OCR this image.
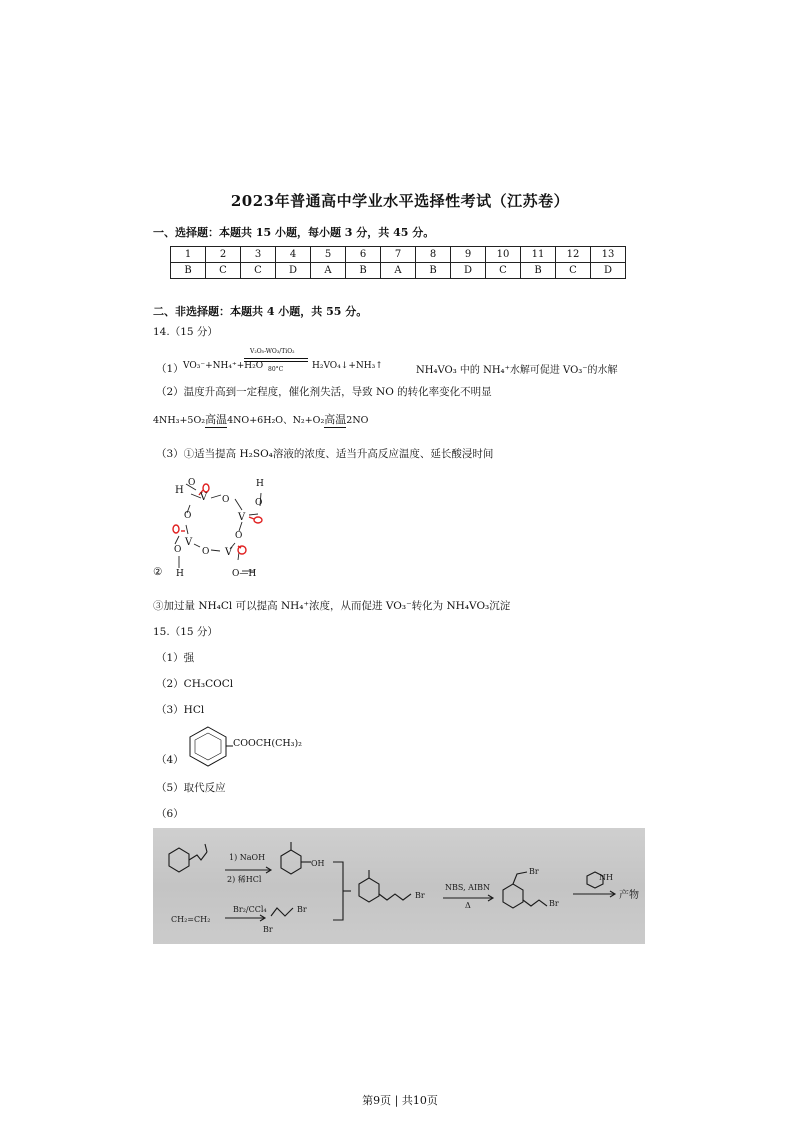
2023年普通高中学业水平选择性考试（江苏卷）
一、选择题：本题共 15 小题，每小题 3 分，共 45 分。
1	2	3	4	5	6	7	8	9	10	11	12	13
B	C	C	D	A	B	A	B	D	C	B	C	D
二、非选择题：本题共 4 小题，共 55 分。
14.（15 分）
（1） VO₃⁻+NH₄⁺+H₂O
V₂O₅-WO₃/TiO₂
80°C	H₂VO₄↓+NH₃↑	NH₄VO₃ 中的 NH₄⁺水解可促进 VO₃⁻的水解
（2）温度升高到一定程度，催化剂失活，导致 NO 的转化率变化不明显
4NH₃+5O₂高温4NO+6H₂O、N₂+O₂高温2NO
（3）①适当提高 H₂SO₄溶液的浓度、适当升高反应温度、延长酸浸时间
H
O
V O
H
O
V
O
V
O
V
O
O
H	O—H
②
③加过量 NH₄Cl 可以提高 NH₄⁺浓度，从而促进 VO₃⁻转化为 NH₄VO₃沉淀
15.（15 分）
（1）强
（2）CH₃COCl
（3）HCl
（4）
COOCH(CH₃)₂
（5）取代反应
（6）
1) NaOH
2) 稀HCl
OH
CH₂=CH₂
Br₂/CCl₄
Br
Br
Br
NBS, AIBN
Δ
Br
Br
NH
产物
第9页 | 共10页
